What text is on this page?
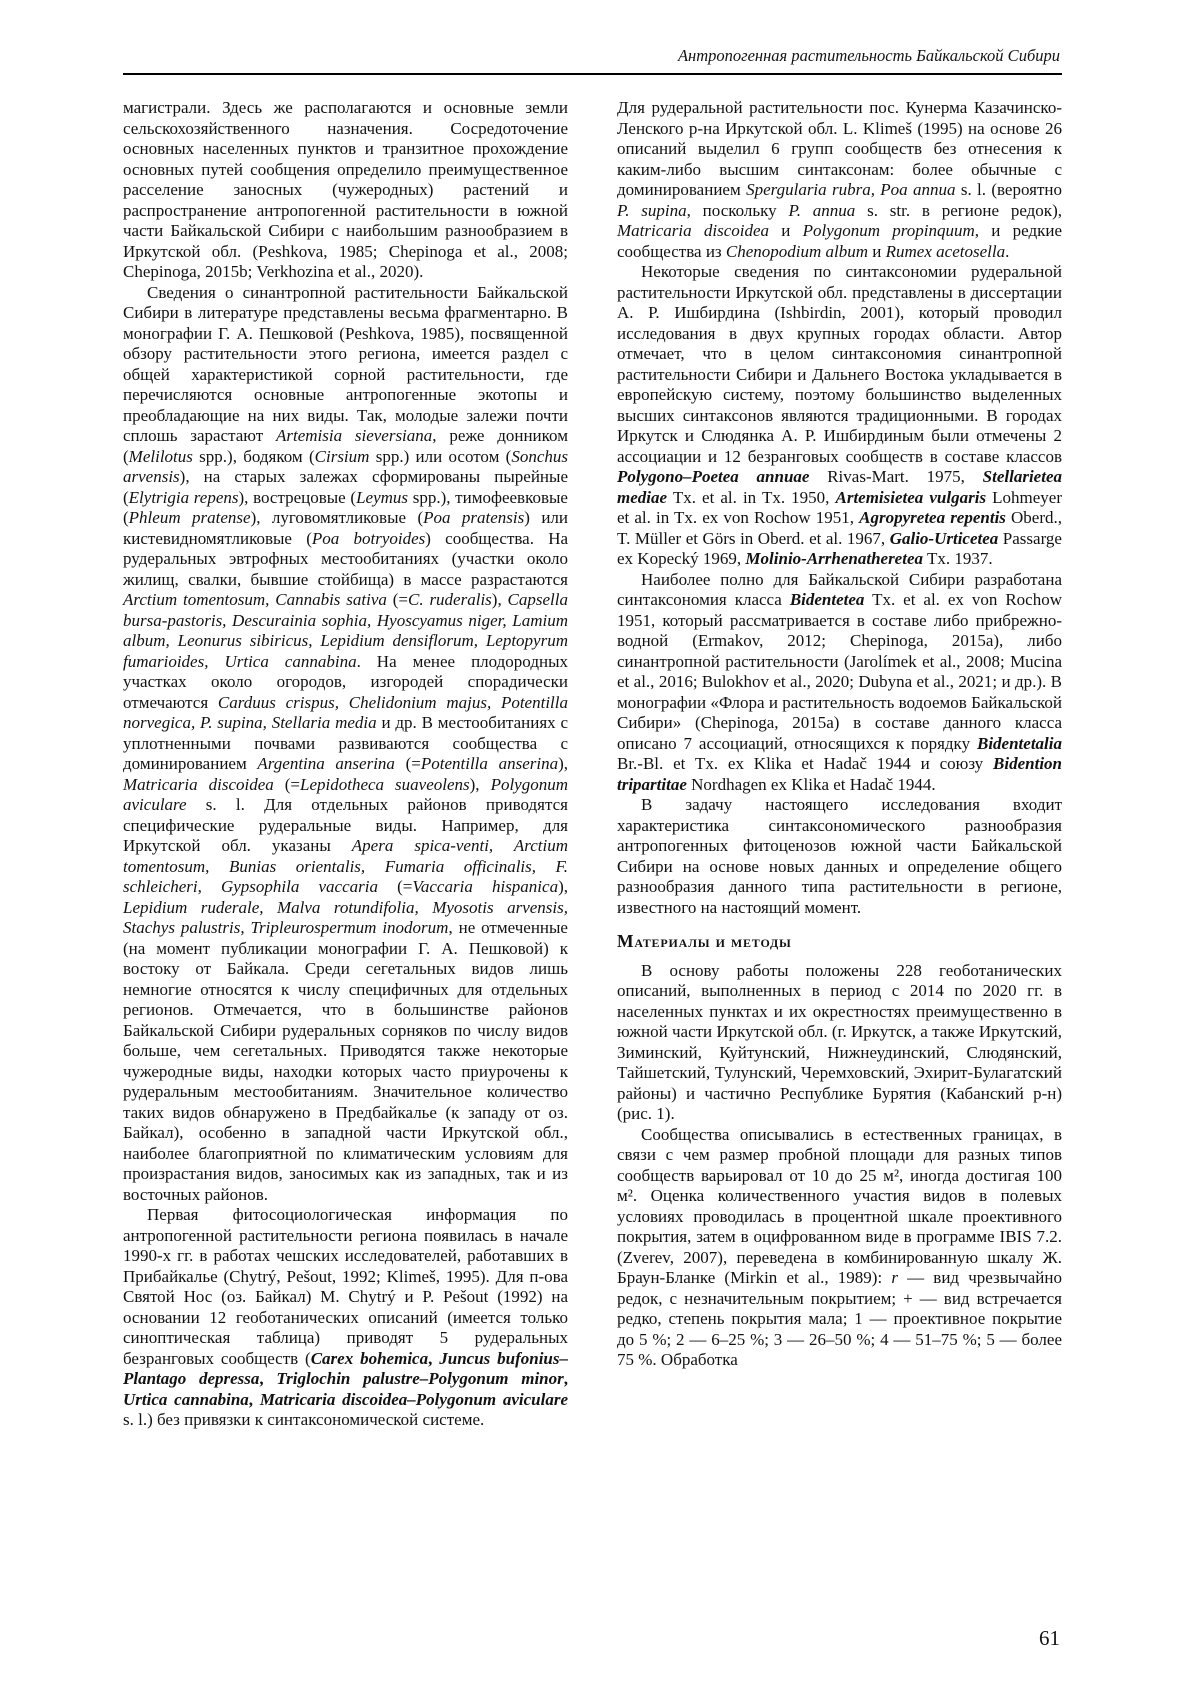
Антропогенная растительность Байкальской Сибири

магистрали. Здесь же располагаются и основные земли сельскохозяйственного назначения. Сосредоточение основных населенных пунктов и транзитное прохождение основных путей сообщения определило преимущественное расселение заносных (чужеродных) растений и распространение антропогенной растительности в южной части Байкальской Сибири с наибольшим разнообразием в Иркутской обл. (Peshkova, 1985; Chepinoga et al., 2008; Chepinoga, 2015b; Verkhozina et al., 2020).

Сведения о синантропной растительности Байкальской Сибири в литературе представлены весьма фрагментарно. В монографии Г. А. Пешковой (Peshkova, 1985), посвященной обзору растительности этого региона, имеется раздел с общей характеристикой сорной растительности, где перечисляются основные антропогенные экотопы и преобладающие на них виды. Так, молодые залежи почти сплошь зарастают Artemisia sieversiana, реже донником (Melilotus spp.), бодяком (Cirsium spp.) или осотом (Sonchus arvensis), на старых залежах сформированы пырейные (Elytrigia repens), вострецовые (Leymus spp.), тимофеевковые (Phleum pratense), луговомятликовые (Poa pratensis) или кистевидномятликовые (Poa botryoides) сообщества. На рудеральных эвтрофных местообитаниях (участки около жилищ, свалки, бывшие стойбища) в массе разрастаются Arctium tomentosum, Cannabis sativa (=C. ruderalis), Capsella bursa-pastoris, Descurainia sophia, Hyoscyamus niger, Lamium album, Leonurus sibiricus, Lepidium densiflorum, Leptopyrum fumarioides, Urtica cannabina. На менее плодородных участках около огородов, изгородей спорадически отмечаются Carduus crispus, Chelidonium majus, Potentilla norvegica, P. supina, Stellaria media и др. В местообитаниях с уплотненными почвами развиваются сообщества с доминированием Argentina anserina (=Potentilla anserina), Matricaria discoidea (=Lepidotheca suaveolens), Polygonum aviculare s. l. Для отдельных районов приводятся специфические рудеральные виды. Например, для Иркутской обл. указаны Apera spica-venti, Arctium tomentosum, Bunias orientalis, Fumaria officinalis, F. schleicheri, Gypsophila vaccaria (=Vaccaria hispanica), Lepidium ruderale, Malva rotundifolia, Myosotis arvensis, Stachys palustris, Tripleurospermum inodorum, не отмеченные (на момент публикации монографии Г. А. Пешковой) к востоку от Байкала. Среди сегетальных видов лишь немногие относятся к числу специфичных для отдельных регионов. Отмечается, что в большинстве районов Байкальской Сибири рудеральных сорняков по числу видов больше, чем сегетальных. Приводятся также некоторые чужеродные виды, находки которых часто приурочены к рудеральным местообитаниям. Значительное количество таких видов обнаружено в Предбайкалье (к западу от оз. Байкал), особенно в западной части Иркутской обл., наиболее благоприятной по климатическим условиям для произрастания видов, заносимых как из западных, так и из восточных районов.

Первая фитосоциологическая информация по антропогенной растительности региона появилась в начале 1990-х гг. в работах чешских исследователей, работавших в Прибайкалье (Chytrý, Pešout, 1992; Klimeš, 1995). Для п-ова Святой Нос (оз. Байкал) M. Chytrý и P. Pešout (1992) на основании 12 геоботанических описаний (имеется только синоптическая таблица) приводят 5 рудеральных безранговых сообществ (Carex bohemica, Juncus bufonius–Plantago depressa, Triglochin palustre–Polygonum minor, Urtica cannabina, Matricaria discoidea–Polygonum aviculare s. l.) без привязки к синтаксономической системе.

Для рудеральной растительности пос. Кунерма Казачинско-Ленского р-на Иркутской обл. L. Klimeš (1995) на основе 26 описаний выделил 6 групп сообществ без отнесения к каким-либо высшим синтаксонам: более обычные с доминированием Spergularia rubra, Poa annua s. l. (вероятно P. supina, поскольку P. annua s. str. в регионе редок), Matricaria discoidea и Polygonum propinquum, и редкие сообщества из Chenopodium album и Rumex acetosella.

Некоторые сведения по синтаксономии рудеральной растительности Иркутской обл. представлены в диссертации А. Р. Ишбирдина (Ishbirdin, 2001), который проводил исследования в двух крупных городах области. Автор отмечает, что в целом синтаксономия синантропной растительности Сибири и Дальнего Востока укладывается в европейскую систему, поэтому большинство выделенных высших синтаксонов являются традиционными. В городах Иркутск и Слюдянка А. Р. Ишбирдиным были отмечены 2 ассоциации и 12 безранговых сообществ в составе классов Polygono–Poetea annuae Rivas-Mart. 1975, Stellarietea mediae Tx. et al. in Tx. 1950, Artemisietea vulgaris Lohmeyer et al. in Tx. ex von Rochow 1951, Agropyretea repentis Oberd., T. Müller et Görs in Oberd. et al. 1967, Galio-Urticetea Passarge ex Kopecký 1969, Molinio-Arrhenatheretea Tx. 1937.

Наиболее полно для Байкальской Сибири разработана синтаксономия класса Bidentetea Tx. et al. ex von Rochow 1951, который рассматривается в составе либо прибрежно-водной (Ermakov, 2012; Chepinoga, 2015a), либо синантропной растительности (Jarolímek et al., 2008; Mucina et al., 2016; Bulokhov et al., 2020; Dubyna et al., 2021; и др.). В монографии «Флора и растительность водоемов Байкальской Сибири» (Chepinoga, 2015a) в составе данного класса описано 7 ассоциаций, относящихся к порядку Bidentetalia Br.-Bl. et Tx. ex Klika et Hadač 1944 и союзу Bidention tripartitae Nordhagen ex Klika et Hadač 1944.

В задачу настоящего исследования входит характеристика синтаксономического разнообразия антропогенных фитоценозов южной части Байкальской Сибири на основе новых данных и определение общего разнообразия данного типа растительности в регионе, известного на настоящий момент.

Материалы и методы

В основу работы положены 228 геоботанических описаний, выполненных в период с 2014 по 2020 гг. в населенных пунктах и их окрестностях преимущественно в южной части Иркутской обл. (г. Иркутск, а также Иркутский, Зиминский, Куйтунский, Нижнеудинский, Слюдянский, Тайшетский, Тулунский, Черемховский, Эхирит-Булагатский районы) и частично Республике Бурятия (Кабанский р-н) (рис. 1).

Сообщества описывались в естественных границах, в связи с чем размер пробной площади для разных типов сообществ варьировал от 10 до 25 м², иногда достигая 100 м². Оценка количественного участия видов в полевых условиях проводилась в процентной шкале проективного покрытия, затем в оцифрованном виде в программе IBIS 7.2. (Zverev, 2007), переведена в комбинированную шкалу Ж. Браун-Бланке (Mirkin et al., 1989): r — вид чрезвычайно редок, с незначительным покрытием; + — вид встречается редко, степень покрытия мала; 1 — проективное покрытие до 5 %; 2 — 6–25 %; 3 — 26–50 %; 4 — 51–75 %; 5 — более 75 %. Обработка

61
